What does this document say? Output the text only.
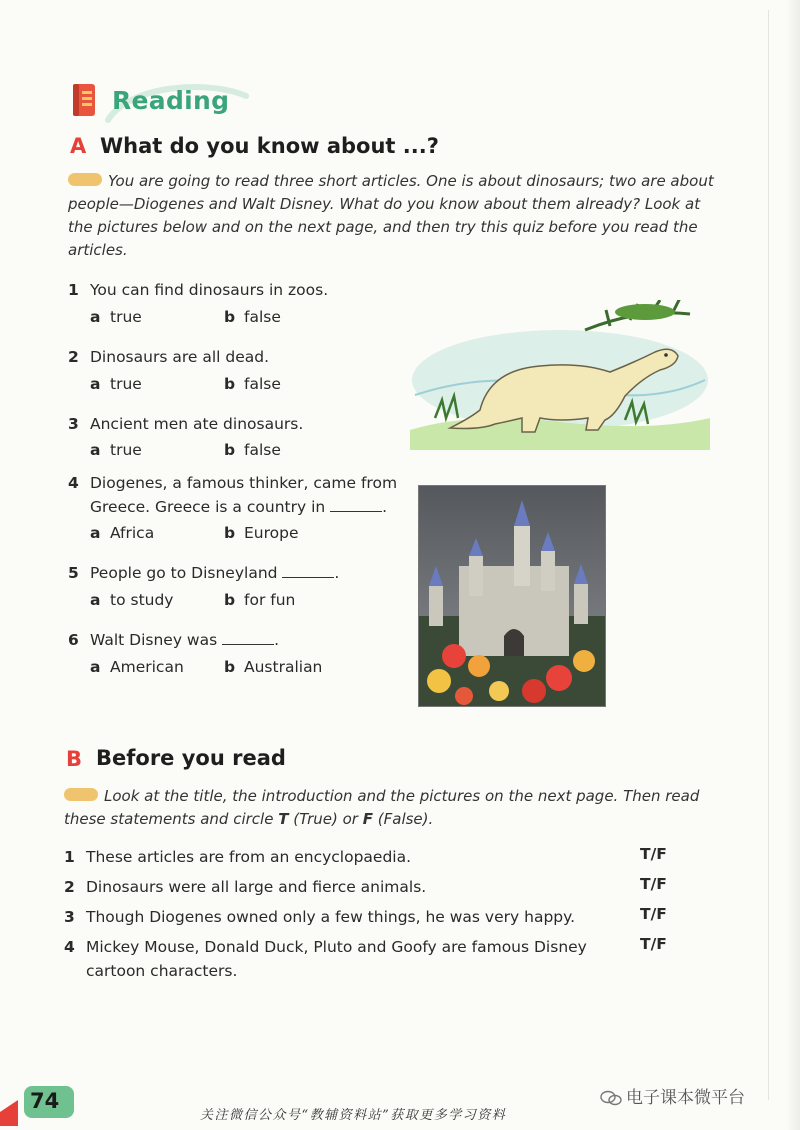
Reading
A What do you know about ...?
You are going to read three short articles. One is about dinosaurs; two are about people—Diogenes and Walt Disney. What do you know about them already? Look at the pictures below and on the next page, and then try this quiz before you read the articles.
1 You can find dinosaurs in zoos.
a true	b false
2 Dinosaurs are all dead.
a true	b false
3 Ancient men ate dinosaurs.
a true	b false
4 Diogenes, a famous thinker, came from
Greece. Greece is a country in	.
a Africa	b Europe
5 People go to Disneyland	.
a to study	b for fun
6 Walt Disney was	.
a American	b Australian
B Before you read
Look at the title, the introduction and the pictures on the next page. Then read these statements and circle T (True) or F (False).
1 These articles are from an encyclopaedia.	T/F
2 Dinosaurs were all large and fierce animals.	T/F
3 Though Diogenes owned only a few things, he was very happy.	T/F
4 Mickey Mouse, Donald Duck, Pluto and Goofy are famous Disney cartoon characters.
T/F
74
关注微信公众号“教辅资料站”获取更多学习资料
电子课本微平台
